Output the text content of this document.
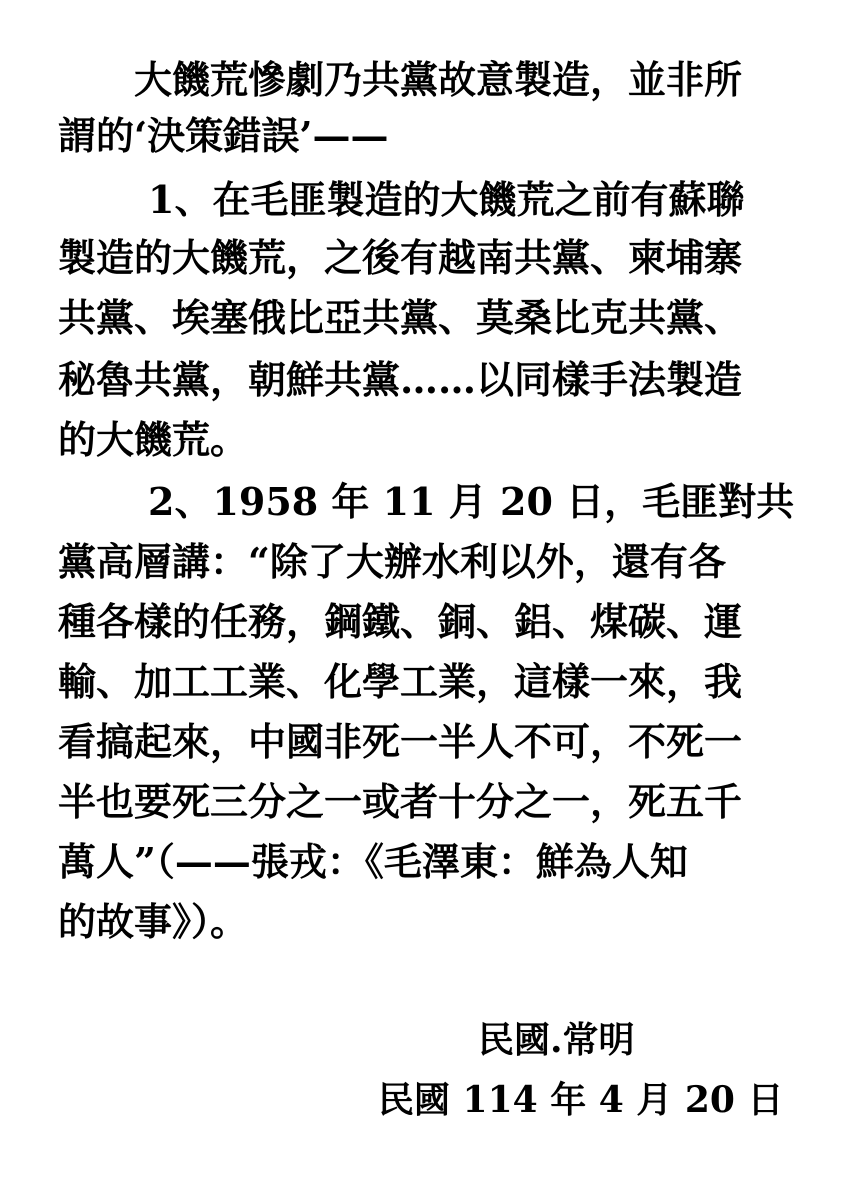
大饑荒慘劇乃共黨故意製造，並非所
謂的‘決策錯誤’——
1、在毛匪製造的大饑荒之前有蘇聯
製造的大饑荒，之後有越南共黨、柬埔寨
共黨、埃塞俄比亞共黨、莫桑比克共黨、
秘魯共黨，朝鮮共黨……以同樣手法製造
的大饑荒。
2、1958 年 11 月 20 日，毛匪對共
黨高層講：“除了大辦水利以外，還有各
種各樣的任務，鋼鐵、銅、鋁、煤碳、運
輸、加工工業、化學工業，這樣一來，我
看搞起來，中國非死一半人不可，不死一
半也要死三分之一或者十分之一，死五千
萬人”（——張戎：《毛澤東：鮮為人知
的故事》）。
民國.常明
民國 114 年 4 月 20 日
